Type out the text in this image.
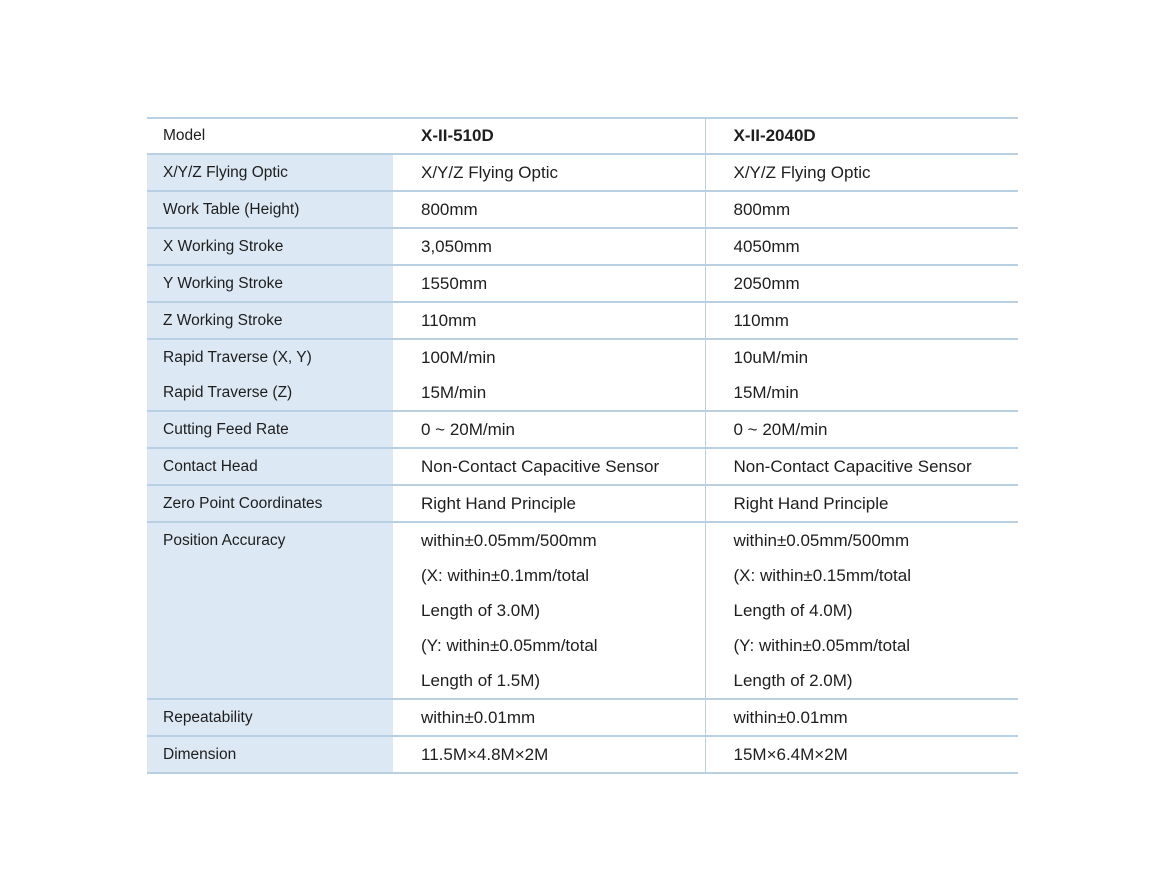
Model	X-II-510D	X-II-2040D
X/Y/Z Flying Optic	X/Y/Z Flying Optic	X/Y/Z Flying Optic

Work Table (Height)	800mm	800mm

X Working Stroke	3,050mm	4050mm

Y Working Stroke	1550mm	2050mm

Z Working Stroke	110mm	110mm

Rapid Traverse (X, Y)	100M/min	10uM/min

Rapid Traverse (Z)	15M/min	15M/min

Cutting Feed Rate	0 ~ 20M/min	0 ~ 20M/min

Contact Head	Non-Contact Capacitive Sensor	Non-Contact Capacitive Sensor

Zero Point Coordinates	Right Hand Principle	Right Hand Principle

Position Accuracy	within±0.05mm/500mm
(X: within±0.1mm/total
Length of 3.0M)
(Y: within±0.05mm/total
Length of 1.5M)	within±0.05mm/500mm
(X: within±0.15mm/total
Length of 4.0M)
(Y: within±0.05mm/total
Length of 2.0M)

Repeatability	within±0.01mm	within±0.01mm

Dimension	11.5M×4.8M×2M	15M×6.4M×2M
